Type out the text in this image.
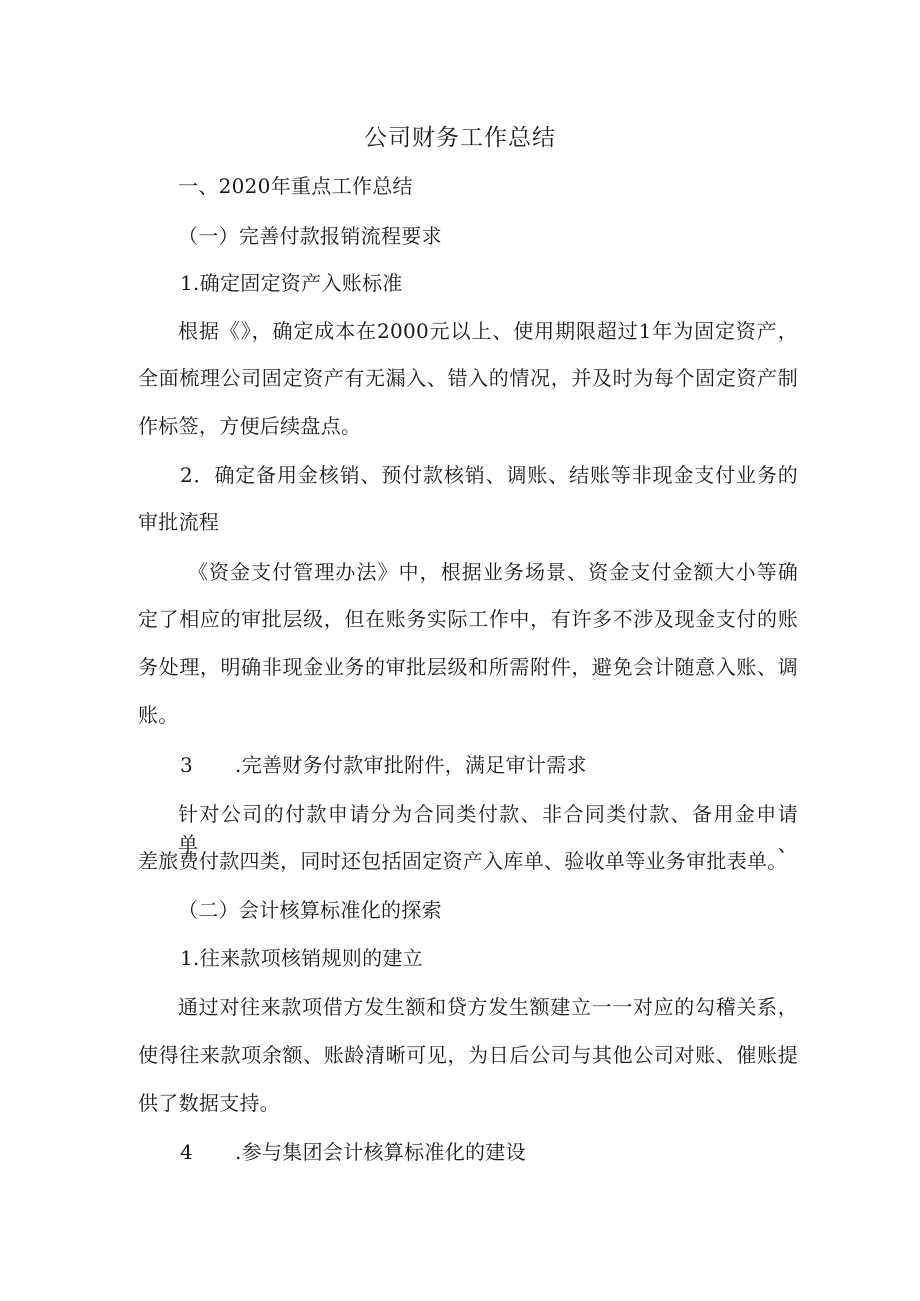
公司财务工作总结
一、2020年重点工作总结
（一）完善付款报销流程要求
1.确定固定资产入账标准
根据《》，确定成本在2000元以上、使用期限超过1年为固定资产，
全面梳理公司固定资产有无漏入、错入的情况，并及时为每个固定资产制
作标签，方便后续盘点。
2．确定备用金核销、预付款核销、调账、结账等非现金支付业务的
审批流程
《资金支付管理办法》中，根据业务场景、资金支付金额大小等确
定了相应的审批层级，但在账务实际工作中，有许多不涉及现金支付的账
务处理，明确非现金业务的审批层级和所需附件，避免会计随意入账、调
账。
3 .完善财务付款审批附件，满足审计需求
针对公司的付款申请分为合同类付款、非合同类付款、备用金申请单、
差旅费付款四类，同时还包括固定资产入库单、验收单等业务审批表单。
（二）会计核算标准化的探索
1.往来款项核销规则的建立
通过对往来款项借方发生额和贷方发生额建立一一对应的勾稽关系，
使得往来款项余额、账龄清晰可见，为日后公司与其他公司对账、催账提
供了数据支持。
4 .参与集团会计核算标准化的建设
